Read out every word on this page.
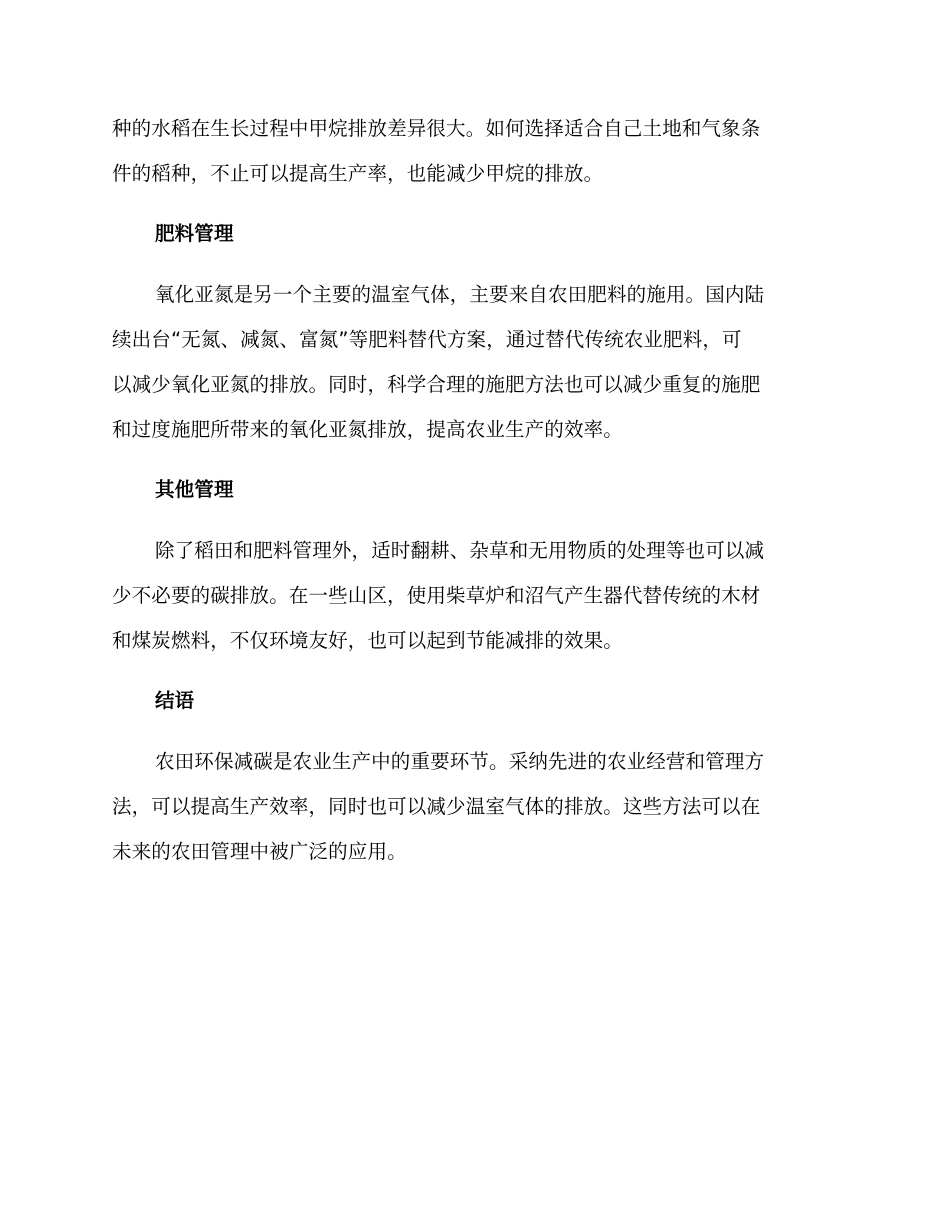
种的水稻在生长过程中甲烷排放差异很大。如何选择适合自己土地和气象条
件的稻种，不止可以提高生产率，也能减少甲烷的排放。
肥料管理
氧化亚氮是另一个主要的温室气体，主要来自农田肥料的施用。国内陆
续出台“无氮、减氮、富氮”等肥料替代方案，通过替代传统农业肥料，可
以减少氧化亚氮的排放。同时，科学合理的施肥方法也可以减少重复的施肥
和过度施肥所带来的氧化亚氮排放，提高农业生产的效率。
其他管理
除了稻田和肥料管理外，适时翻耕、杂草和无用物质的处理等也可以减
少不必要的碳排放。在一些山区，使用柴草炉和沼气产生器代替传统的木材
和煤炭燃料，不仅环境友好，也可以起到节能减排的效果。
结语
农田环保减碳是农业生产中的重要环节。采纳先进的农业经营和管理方
法，可以提高生产效率，同时也可以减少温室气体的排放。这些方法可以在
未来的农田管理中被广泛的应用。
